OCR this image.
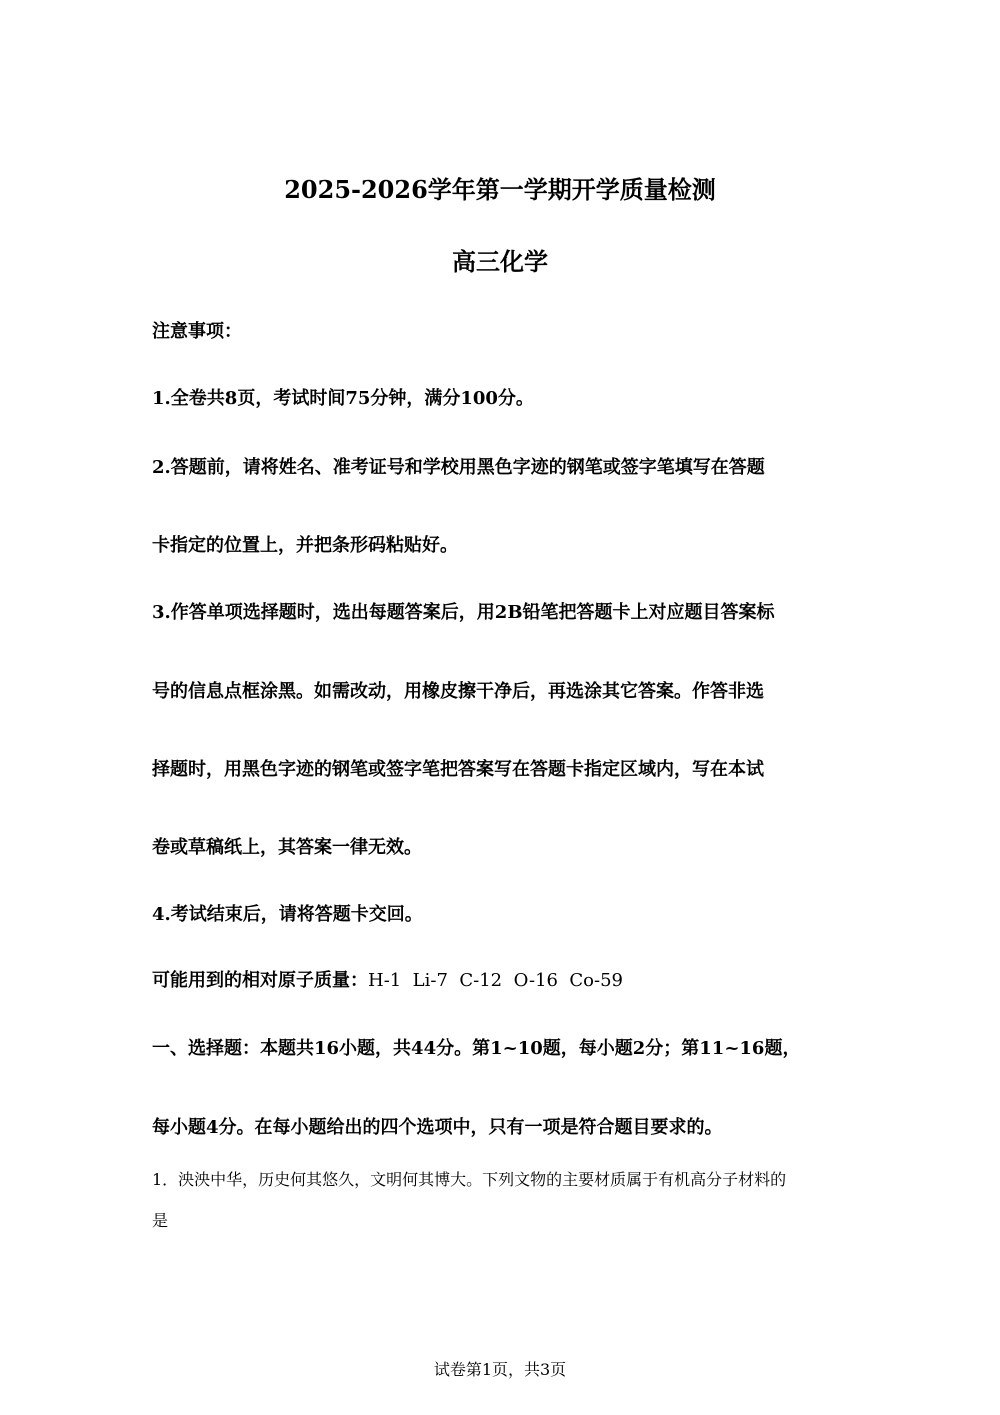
2025-2026学年第一学期开学质量检测
高三化学
注意事项：
1.全卷共8页，考试时间75分钟，满分100分。
2.答题前，请将姓名、准考证号和学校用黑色字迹的钢笔或签字笔填写在答题
卡指定的位置上，并把条形码粘贴好。
3.作答单项选择题时，选出每题答案后，用2B铅笔把答题卡上对应题目答案标
号的信息点框涂黑。如需改动，用橡皮擦干净后，再选涂其它答案。作答非选
择题时，用黑色字迹的钢笔或签字笔把答案写在答题卡指定区域内，写在本试
卷或草稿纸上，其答案一律无效。
4.考试结束后，请将答题卡交回。
可能用到的相对原子质量：H-1  Li-7  C-12  O-16  Co-59
一、选择题：本题共16小题，共44分。第1~10题，每小题2分；第11~16题，
每小题4分。在每小题给出的四个选项中，只有一项是符合题目要求的。
1．泱泱中华，历史何其悠久，文明何其博大。下列文物的主要材质属于有机高分子材料的
是
试卷第1页，共3页
